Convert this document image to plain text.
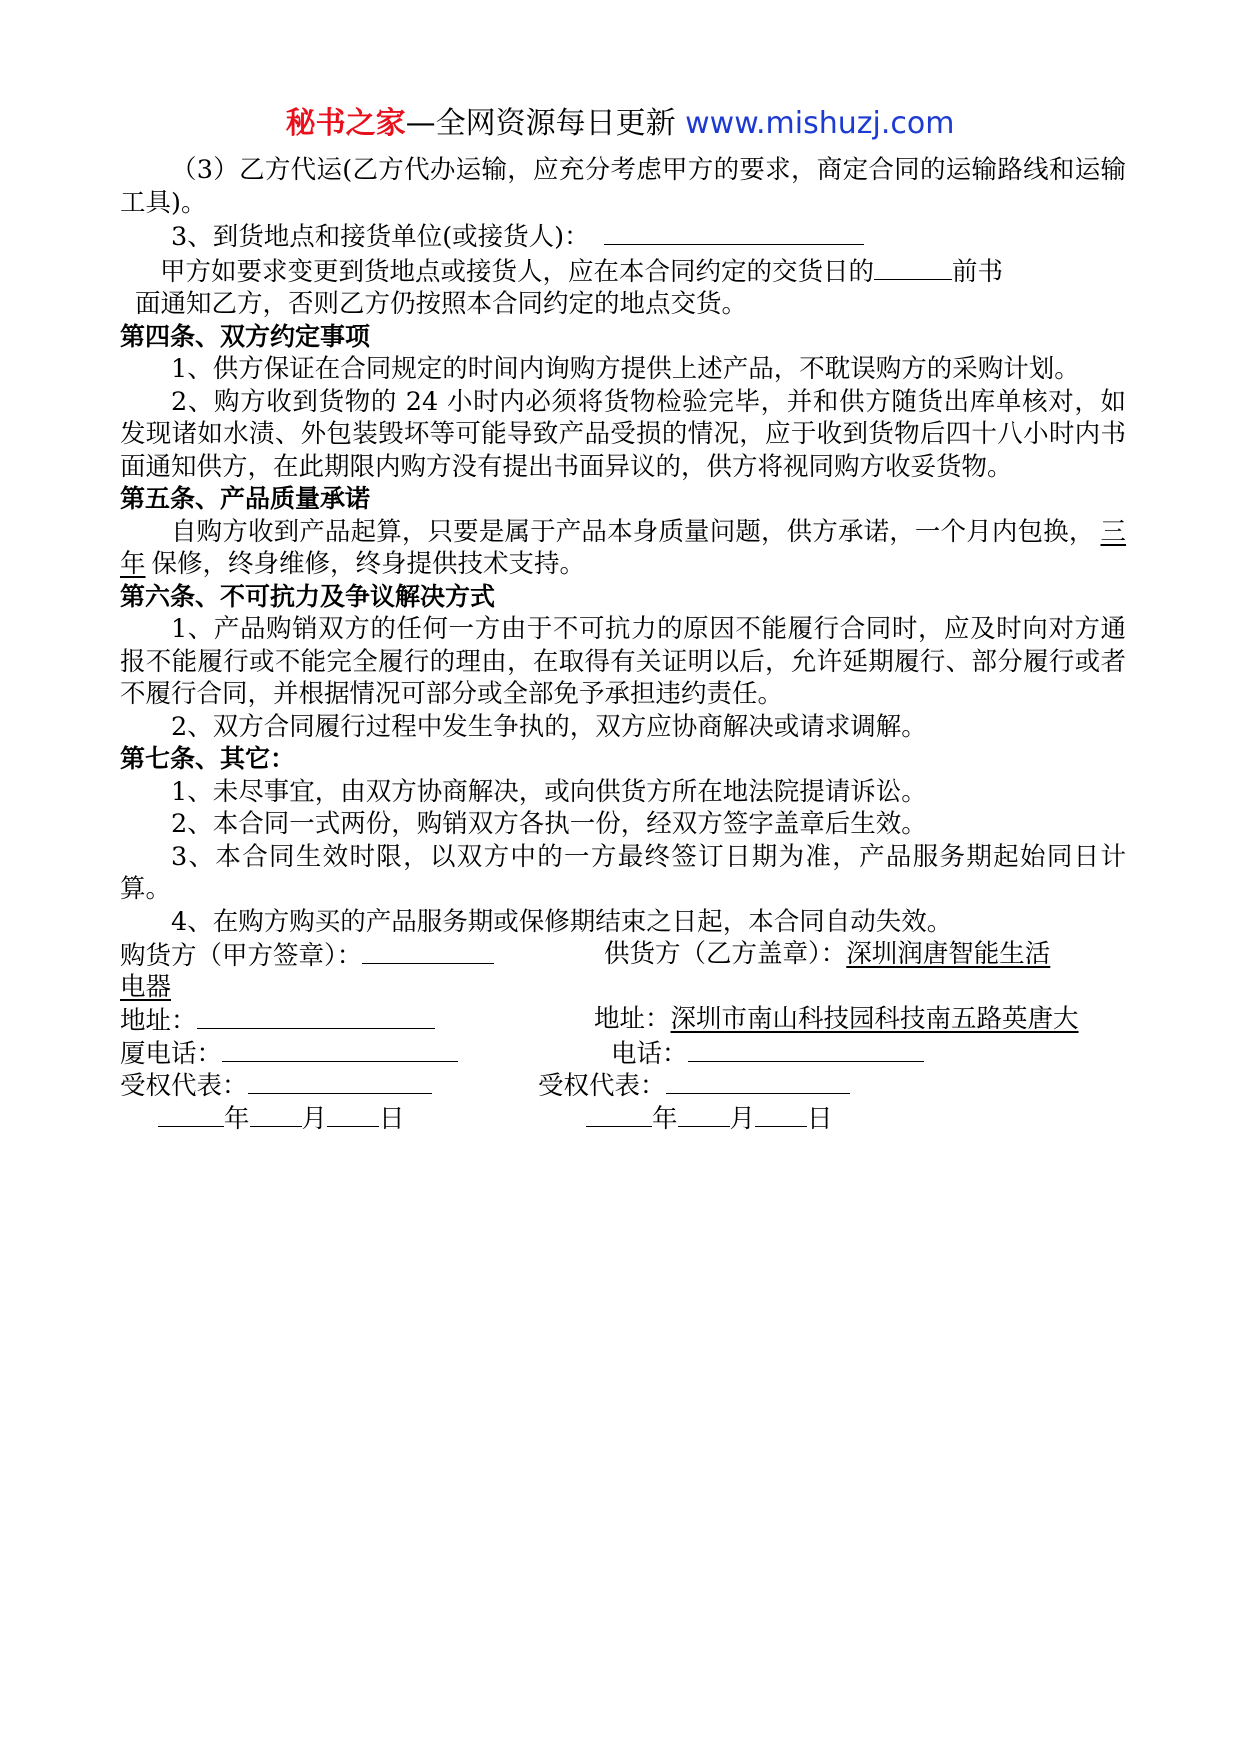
秘书之家—全网资源每日更新 www.mishuzj.com

（3）乙方代运(乙方代办运输，应充分考虑甲方的要求，商定合同的运输路线和运输工具)。

3、到货地点和接货单位(或接货人)：

甲方如要求变更到货地点或接货人，应在本合同约定的交货日的	前书

面通知乙方，否则乙方仍按照本合同约定的地点交货。

第四条、双方约定事项

1、供方保证在合同规定的时间内询购方提供上述产品，不耽误购方的采购计划。

2、购方收到货物的 24 小时内必须将货物检验完毕，并和供方随货出库单核对，如发现诸如水渍、外包装毁坏等可能导致产品受损的情况，应于收到货物后四十八小时内书面通知供方，在此期限内购方没有提出书面异议的，供方将视同购方收妥货物。

第五条、产品质量承诺

自购方收到产品起算，只要是属于产品本身质量问题，供方承诺，一个月内包换， 三年 保修，终身维修，终身提供技术支持。

第六条、不可抗力及争议解决方式

1、产品购销双方的任何一方由于不可抗力的原因不能履行合同时，应及时向对方通报不能履行或不能完全履行的理由，在取得有关证明以后，允许延期履行、部分履行或者不履行合同，并根据情况可部分或全部免予承担违约责任。

2、双方合同履行过程中发生争执的，双方应协商解决或请求调解。

第七条、其它：

1、未尽事宜，由双方协商解决，或向供货方所在地法院提请诉讼。

2、本合同一式两份，购销双方各执一份，经双方签字盖章后生效。

3、本合同生效时限，以双方中的一方最终签订日期为准，产品服务期起始同日计算。

4、在购方购买的产品服务期或保修期结束之日起，本合同自动失效。

购货方（甲方签章）：	供货方（乙方盖章）：深圳润唐智能生活
电器
地址：	地址：深圳市南山科技园科技南五路英唐大
厦电话：	电话：
受权代表：	受权代表：
年 月 日	年 月 日
